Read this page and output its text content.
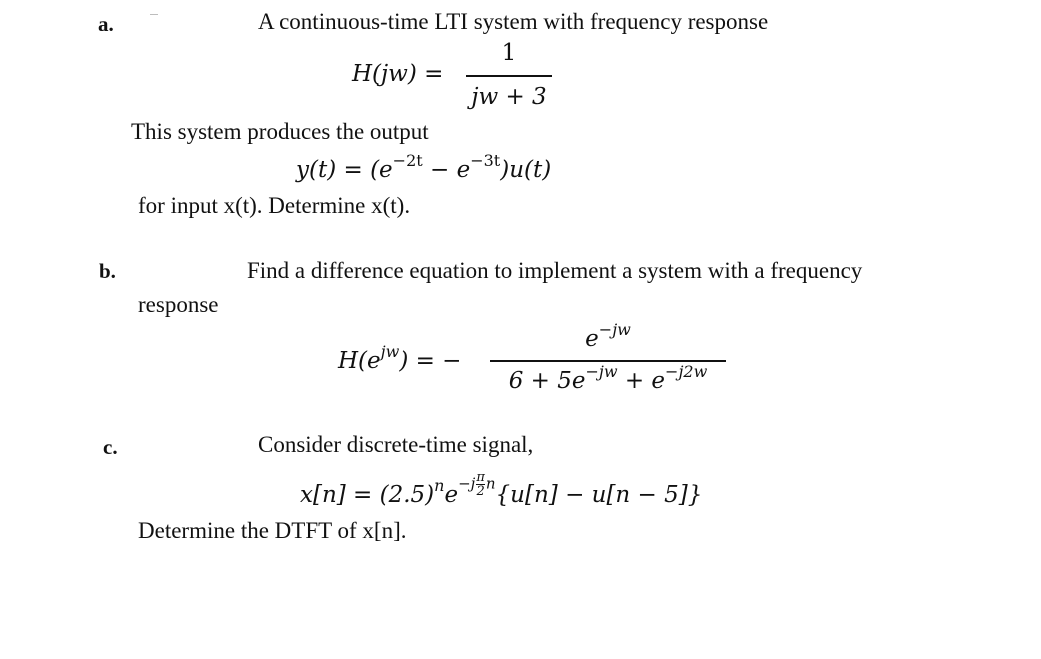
a.	A continuous-time LTI system with frequency response
H(jw) =
1
jw + 3
This system produces the output
$y(t) = (e^{-2t} - e^{-3t})u(t)$
for input x(t). Determine x(t).
b.	Find a difference equation to implement a system with a frequency
response
$H(e^{jw})$ = −
$e^{-jw}$
$6 + 5e^{-jw} + e^{-j2w}$
c.	Consider discrete-time signal,
$x[n] = (2.5)^ne-j \frac{\pi}{2} n\{u[n] - u[n - 5]\}$
Determine the DTFT of x[n].
